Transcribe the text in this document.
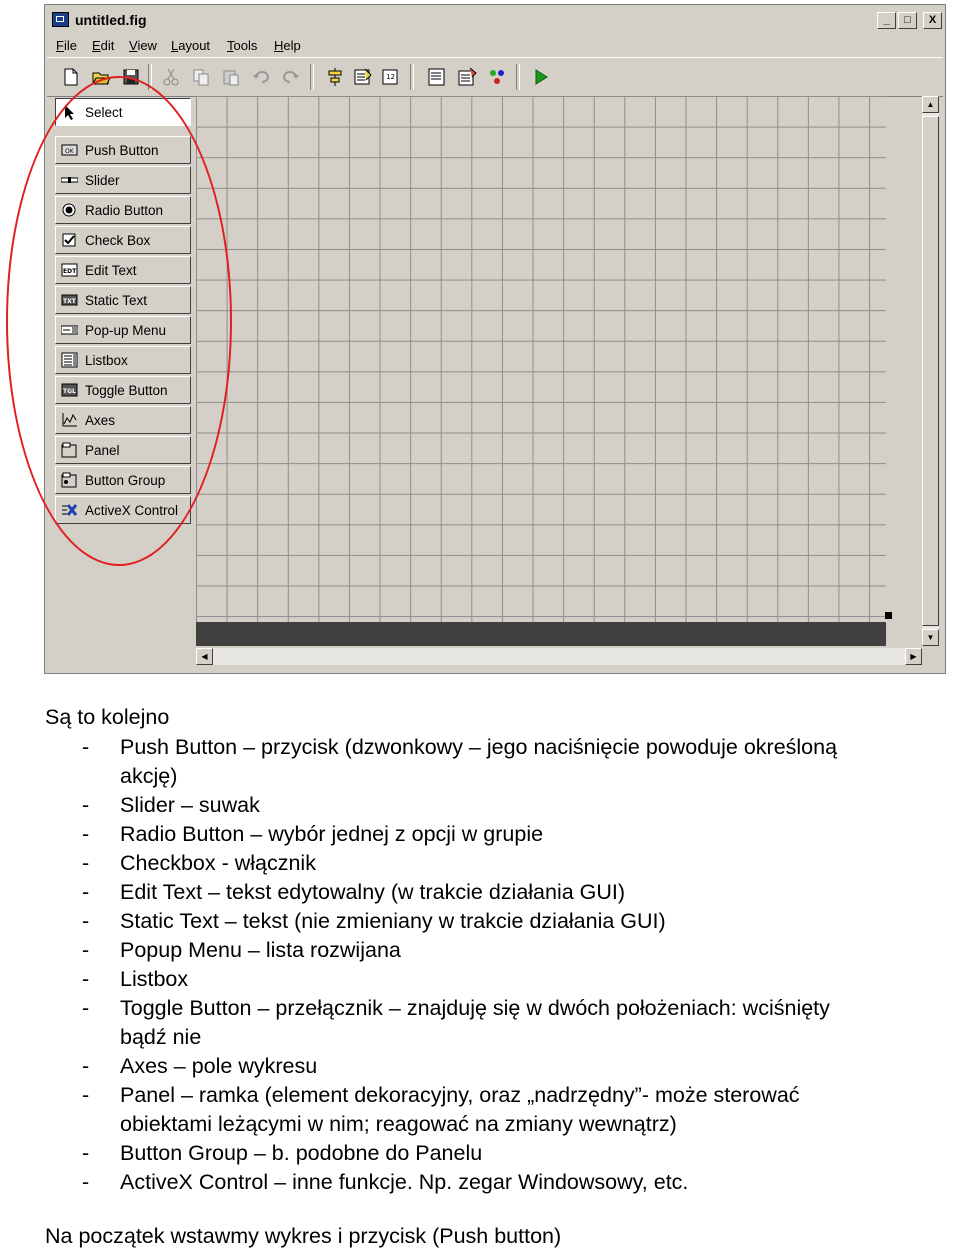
untitled.fig	_	□	X
File Edit View Layout Tools Help
12
Select
OK Push Button
Slider
Radio Button
Check Box
EDT Edit Text
TXT Static Text
Pop-up Menu
Listbox
TGL Toggle Button
Axes
Panel
Button Group
ActiveX Control
▲
▼
◀	▶
Są to kolejno
- Push Button – przycisk (dzwonkowy – jego naciśnięcie powoduje określoną
akcję)
- Slider – suwak
- Radio Button – wybór jednej z opcji w grupie
- Checkbox - włącznik
- Edit Text – tekst edytowalny (w trakcie działania GUI)
- Static Text – tekst (nie zmieniany w trakcie działania GUI)
- Popup Menu – lista rozwijana
- Listbox
- Toggle Button – przełącznik – znajduję się w dwóch położeniach: wciśnięty
bądź nie
- Axes – pole wykresu
- Panel – ramka (element dekoracyjny, oraz „nadrzędny”- może sterować
obiektami leżącymi w nim; reagować na zmiany wewnątrz)
- Button Group – b. podobne do Panelu
- ActiveX Control – inne funkcje. Np. zegar Windowsowy, etc.
Na początek wstawmy wykres i przycisk (Push button)
